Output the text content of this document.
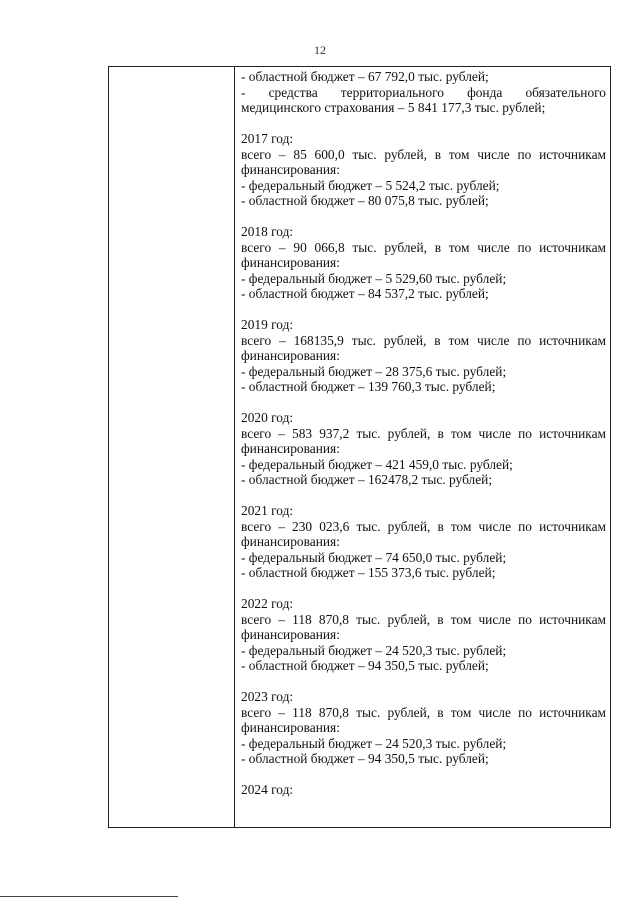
12
- областной бюджет – 67 792,0 тыс. рублей;
- средства территориального фонда обязательного
медицинского страхования – 5 841 177,3 тыс. рублей;
2017 год:
всего – 85 600,0 тыс. рублей, в том числе по источникам
финансирования:
- федеральный бюджет – 5 524,2 тыс. рублей;
- областной бюджет – 80 075,8 тыс. рублей;
2018 год:
всего – 90 066,8 тыс. рублей, в том числе по источникам
финансирования:
- федеральный бюджет – 5 529,60 тыс. рублей;
- областной бюджет – 84 537,2 тыс. рублей;
2019 год:
всего – 168135,9 тыс. рублей, в том числе по источникам
финансирования:
- федеральный бюджет – 28 375,6 тыс. рублей;
- областной бюджет – 139 760,3 тыс. рублей;
2020 год:
всего – 583 937,2 тыс. рублей, в том числе по источникам
финансирования:
- федеральный бюджет – 421 459,0 тыс. рублей;
- областной бюджет – 162478,2 тыс. рублей;
2021 год:
всего – 230 023,6 тыс. рублей, в том числе по источникам
финансирования:
- федеральный бюджет – 74 650,0 тыс. рублей;
- областной бюджет – 155 373,6 тыс. рублей;
2022 год:
всего – 118 870,8 тыс. рублей, в том числе по источникам
финансирования:
- федеральный бюджет – 24 520,3 тыс. рублей;
- областной бюджет – 94 350,5 тыс. рублей;
2023 год:
всего – 118 870,8 тыс. рублей, в том числе по источникам
финансирования:
- федеральный бюджет – 24 520,3 тыс. рублей;
- областной бюджет – 94 350,5 тыс. рублей;
2024 год:
